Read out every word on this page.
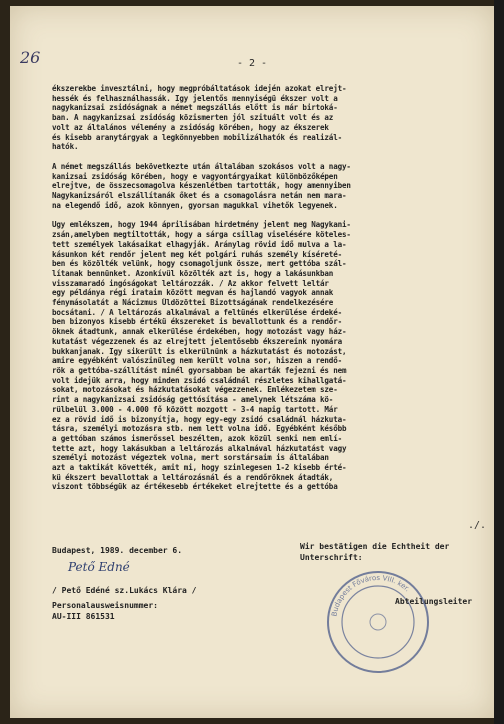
26	- 2 -
ékszerekbe invesztálni, hogy megpróbáltatások idején azokat elrejt-
hessék és felhasználhassák. Igy jelentős mennyiségü ékszer volt a
nagykanizsai zsidóságnak a német megszállás előtt is már birtoká-
ban. A nagykanizsai zsidóság közismerten jól szituált volt és az
volt az általános vélemény a zsidóság körében, hogy az ékszerek
és kisebb aranytárgyak a legkönnyebben mobilizálhatók és realizál-
hatók.
A német megszállás bekövetkezte után általában szokásos volt a nagy-
kanizsai zsidóság körében, hogy e vagyontárgyaikat különbözőképen
elrejtve, de összecsomagolva készenlétben tartották, hogy amennyiben
Nagykanizsáról elszállítanák őket és a csomagolásra netán nem mara-
na elegendő idő, azok könnyen, gyorsan magukkal vihetők legyenek.
Ugy emlékszem, hogy 1944 áprilisában hirdetmény jelent meg Nagykani-
zsán,amelyben megtiltották, hogy a sárga csillag viselésére köteles-
tett személyek lakásaikat elhagyják. Aránylag rövid idő mulva a la-
kásunkon két rendőr jelent meg két polgári ruhás személy kíséreté-
ben és közölték velünk, hogy csomagoljunk össze, mert gettóba szál-
lítanak bennünket. Azonkívül közölték azt is, hogy a lakásunkban
visszamaradó ingóságokat leltározzák. / Az akkor felvett leltár
egy példánya régi irataim között megvan és hajlandó vagyok annak
fénymásolatát a Nácizmus Üldözöttei Bizottságának rendelkezésére
bocsátani. / A leltározás alkalmával a feltünés elkerülése érdeké-
ben bizonyos kisebb értékü ékszereket is bevallottunk és a rendőr-
öknek átadtunk, annak elkerülése érdekében, hogy motozást vagy ház-
kutatást végezzenek és az elrejtett jelentősebb ékszereink nyomára
bukkanjanak. Igy sikerült is elkerülnünk a házkutatást és motozást,
amire egyébként valószinüleg nem került volna sor, hiszen a rendő-
rök a gettóba-szállítást minél gyorsabban be akarták fejezni és nem
volt idejük arra, hogy minden zsidó családnál részletes kihallgatá-
sokat, motozásokat és házkutatásokat végezzenek. Emlékezetem sze-
rint a nagykanizsai zsidóság gettósítása - amelynek létszáma kö-
rülbelül 3.000 - 4.000 fő között mozgott - 3-4 napig tartott. Már
ez a rövid idő is bizonyítja, hogy egy-egy zsidó családnál házkuta-
tásra, személyi motozásra stb. nem lett volna idő. Egyébként később
a gettóban számos ismerőssel beszéltem, azok közül senki nem emlí-
tette azt, hogy lakásukban a leltározás alkalmával házkutatást vagy
személyi motozást végeztek volna, mert sorstársaim is általában
azt a taktikát követték, amit mi, hogy szinlegesen 1-2 kisebb érté-
kü ékszert bevallottak a leltározásnál és a rendőröknek átadták,
viszont többségük az értékesebb értékeket elrejtette és a gettóba
Budapest, 1989. december 6.
Pető Edné
/ Pető Edéné sz.Lukács Klára /
Personalausweisnummer:
AU-III 861531
Wir bestätigen die Echtheit der Unterschrift:
Budapest Főváros VIII. ker.
Abteilungsleiter
./.
